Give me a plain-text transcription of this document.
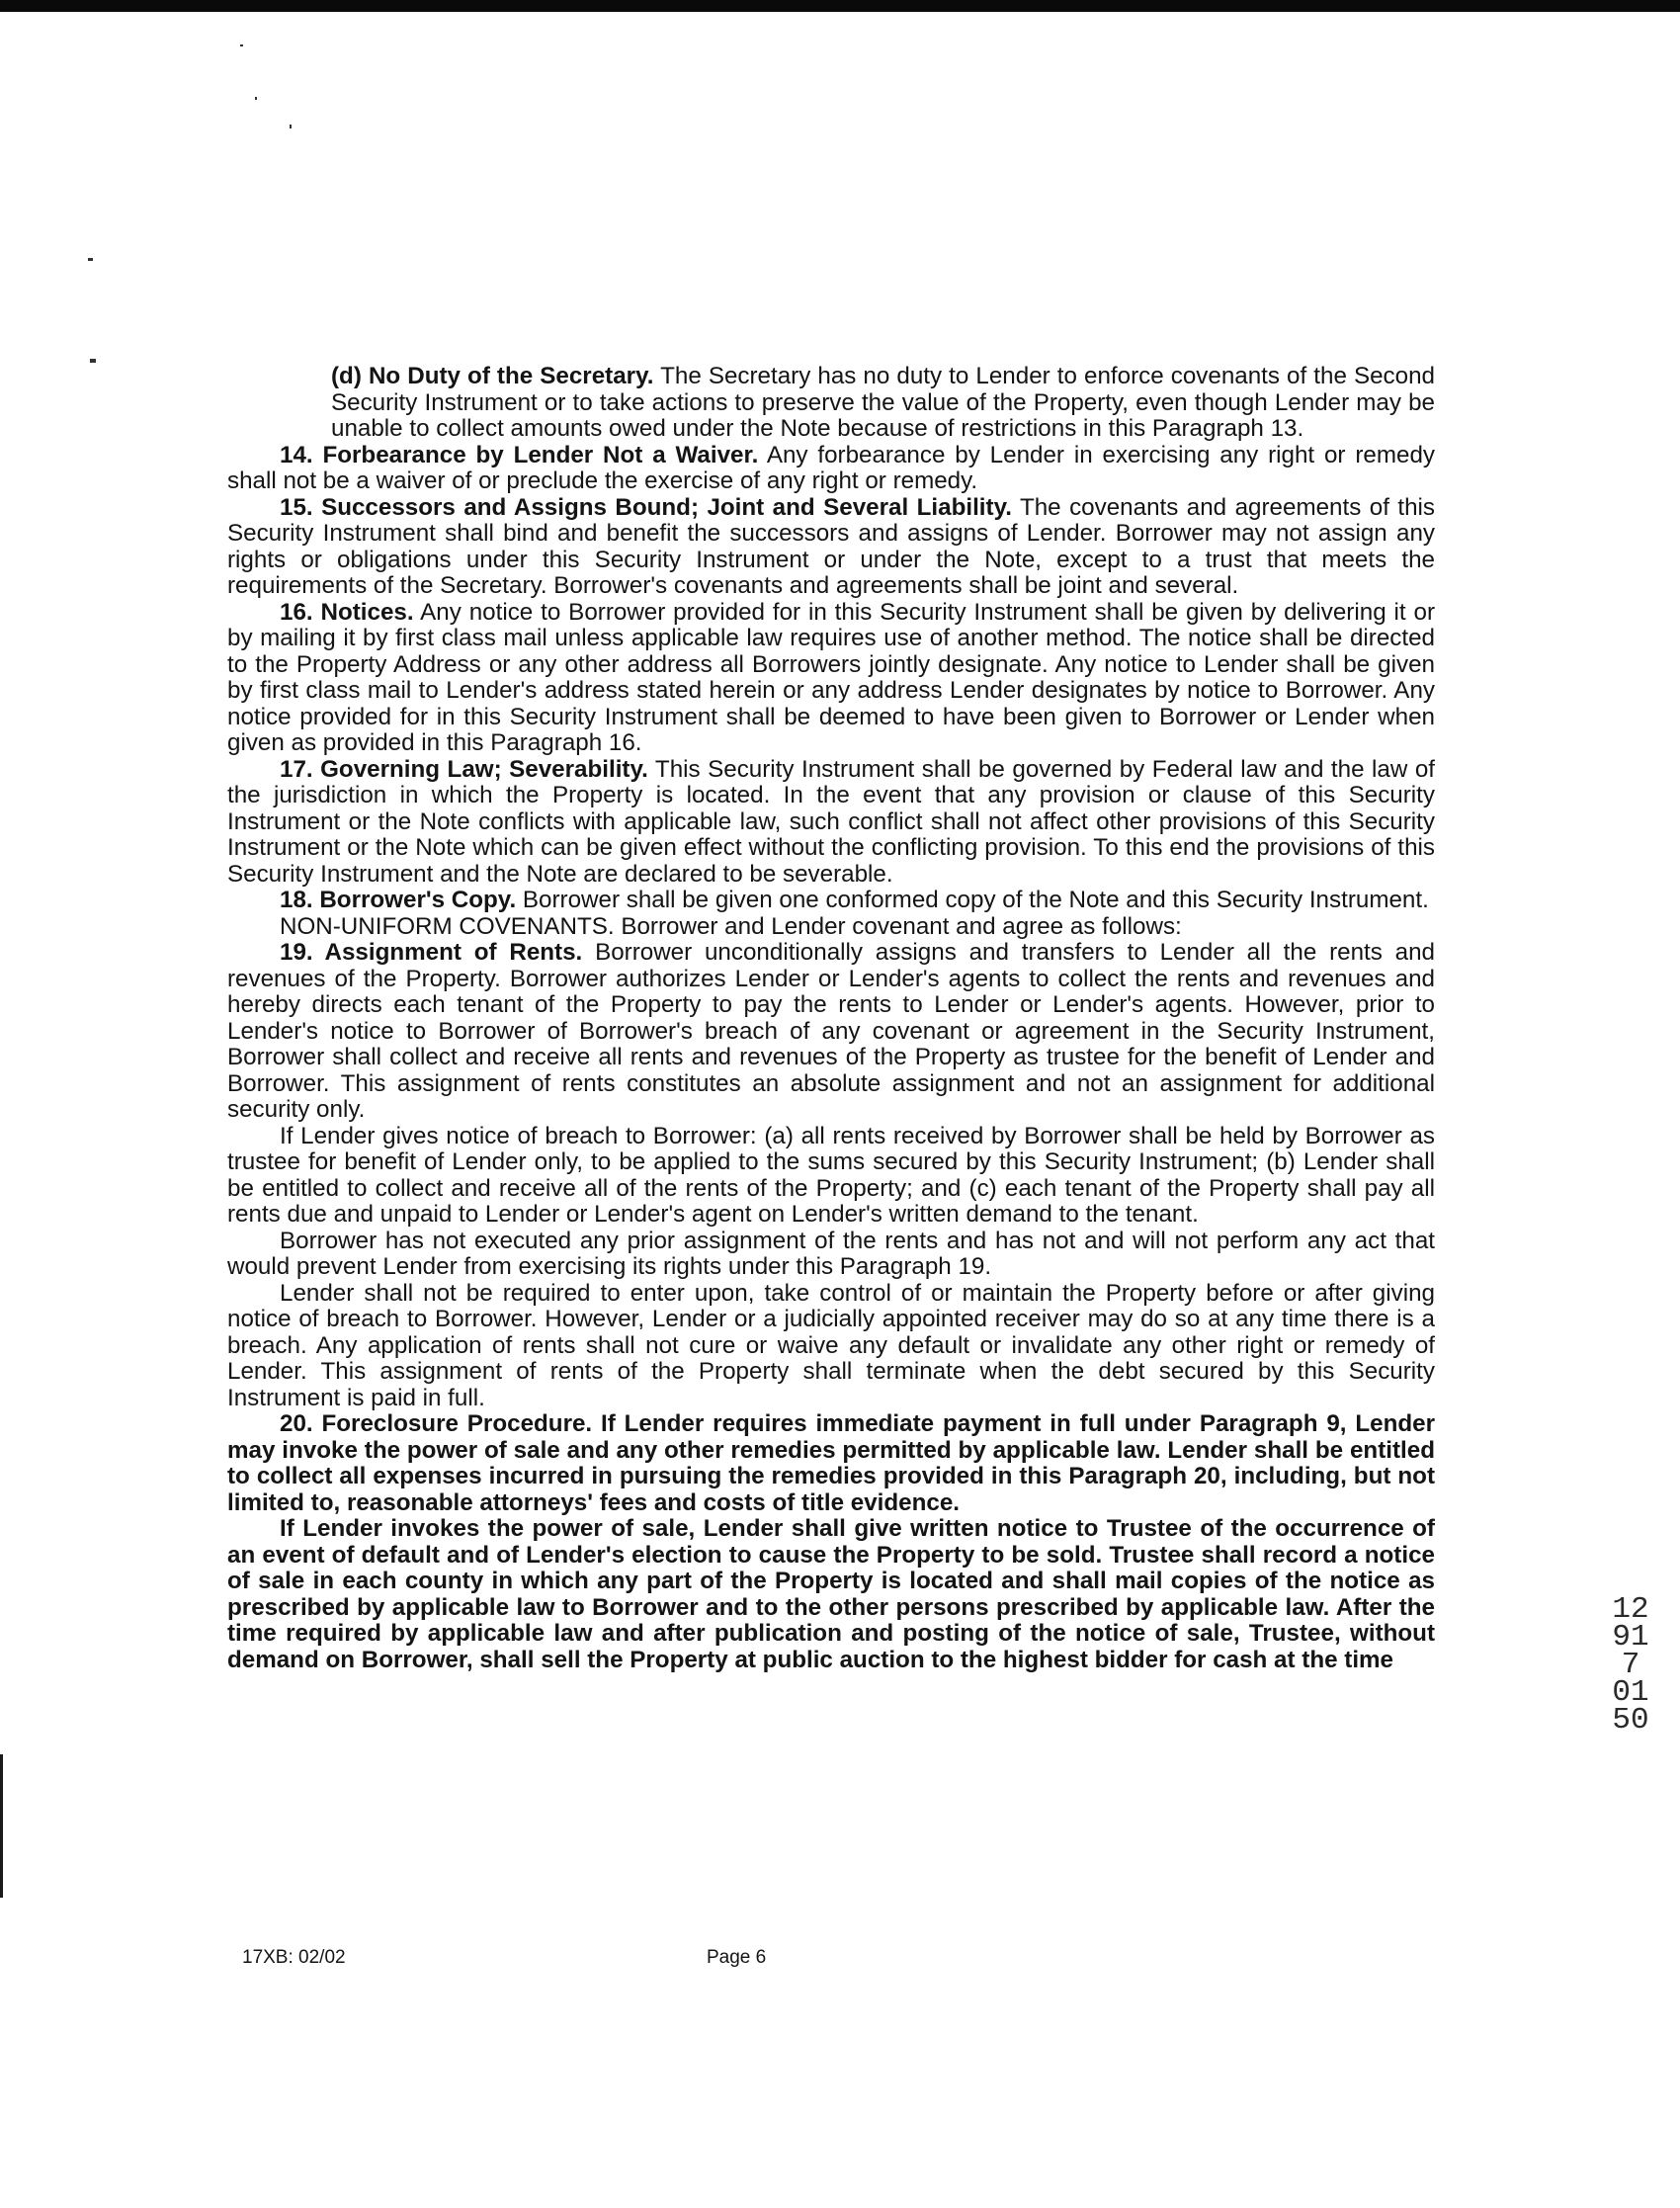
(d) No Duty of the Secretary. The Secretary has no duty to Lender to enforce covenants of the Second Security Instrument or to take actions to preserve the value of the Property, even though Lender may be unable to collect amounts owed under the Note because of restrictions in this Paragraph 13.

14. Forbearance by Lender Not a Waiver. Any forbearance by Lender in exercising any right or remedy shall not be a waiver of or preclude the exercise of any right or remedy.

15. Successors and Assigns Bound; Joint and Several Liability. The covenants and agreements of this Security Instrument shall bind and benefit the successors and assigns of Lender. Borrower may not assign any rights or obligations under this Security Instrument or under the Note, except to a trust that meets the requirements of the Secretary. Borrower's covenants and agreements shall be joint and several.

16. Notices. Any notice to Borrower provided for in this Security Instrument shall be given by delivering it or by mailing it by first class mail unless applicable law requires use of another method. The notice shall be directed to the Property Address or any other address all Borrowers jointly designate. Any notice to Lender shall be given by first class mail to Lender's address stated herein or any address Lender designates by notice to Borrower. Any notice provided for in this Security Instrument shall be deemed to have been given to Borrower or Lender when given as provided in this Paragraph 16.

17. Governing Law; Severability. This Security Instrument shall be governed by Federal law and the law of the jurisdiction in which the Property is located. In the event that any provision or clause of this Security Instrument or the Note conflicts with applicable law, such conflict shall not affect other provisions of this Security Instrument or the Note which can be given effect without the conflicting provision. To this end the provisions of this Security Instrument and the Note are declared to be severable.

18. Borrower's Copy. Borrower shall be given one conformed copy of the Note and this Security Instrument.

NON-UNIFORM COVENANTS. Borrower and Lender covenant and agree as follows:

19. Assignment of Rents. Borrower unconditionally assigns and transfers to Lender all the rents and revenues of the Property. Borrower authorizes Lender or Lender's agents to collect the rents and revenues and hereby directs each tenant of the Property to pay the rents to Lender or Lender's agents. However, prior to Lender's notice to Borrower of Borrower's breach of any covenant or agreement in the Security Instrument, Borrower shall collect and receive all rents and revenues of the Property as trustee for the benefit of Lender and Borrower. This assignment of rents constitutes an absolute assignment and not an assignment for additional security only.

If Lender gives notice of breach to Borrower: (a) all rents received by Borrower shall be held by Borrower as trustee for benefit of Lender only, to be applied to the sums secured by this Security Instrument; (b) Lender shall be entitled to collect and receive all of the rents of the Property; and (c) each tenant of the Property shall pay all rents due and unpaid to Lender or Lender's agent on Lender's written demand to the tenant.

Borrower has not executed any prior assignment of the rents and has not and will not perform any act that would prevent Lender from exercising its rights under this Paragraph 19.

Lender shall not be required to enter upon, take control of or maintain the Property before or after giving notice of breach to Borrower. However, Lender or a judicially appointed receiver may do so at any time there is a breach. Any application of rents shall not cure or waive any default or invalidate any other right or remedy of Lender. This assignment of rents of the Property shall terminate when the debt secured by this Security Instrument is paid in full.

20. Foreclosure Procedure. If Lender requires immediate payment in full under Paragraph 9, Lender may invoke the power of sale and any other remedies permitted by applicable law. Lender shall be entitled to collect all expenses incurred in pursuing the remedies provided in this Paragraph 20, including, but not limited to, reasonable attorneys' fees and costs of title evidence.

If Lender invokes the power of sale, Lender shall give written notice to Trustee of the occurrence of an event of default and of Lender's election to cause the Property to be sold. Trustee shall record a notice of sale in each county in which any part of the Property is located and shall mail copies of the notice as prescribed by applicable law to Borrower and to the other persons prescribed by applicable law. After the time required by applicable law and after publication and posting of the notice of sale, Trustee, without demand on Borrower, shall sell the Property at public auction to the highest bidder for cash at the time

17XB: 02/02	Page 6
12917 0150
